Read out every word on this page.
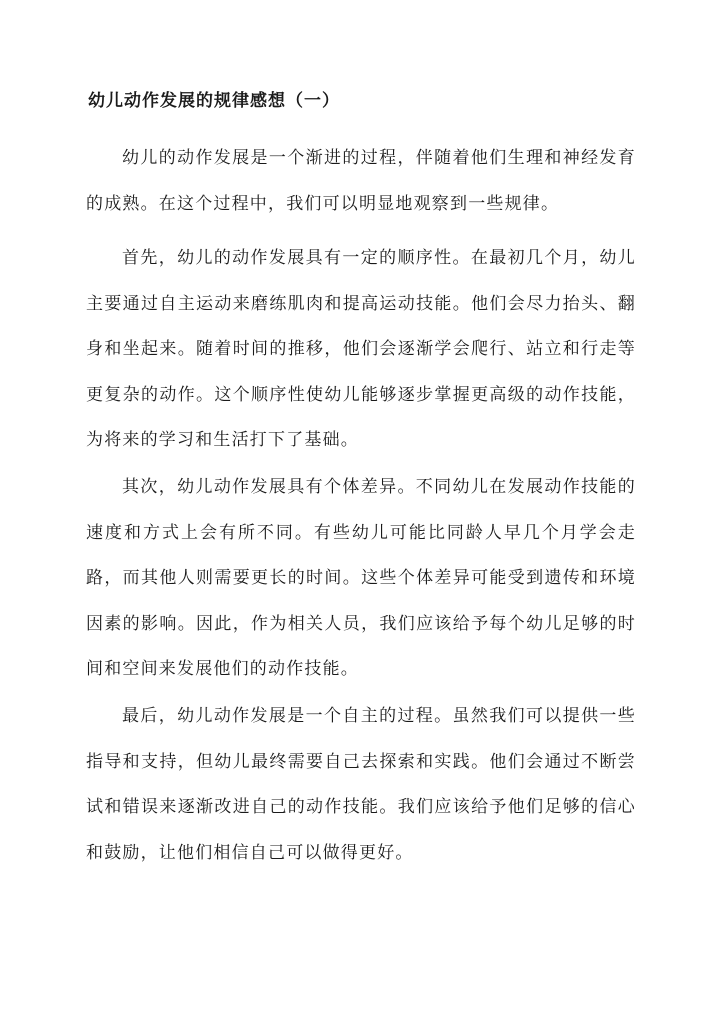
幼儿动作发展的规律感想（一）

幼儿的动作发展是一个渐进的过程，伴随着他们生理和神经发育的成熟。在这个过程中，我们可以明显地观察到一些规律。

首先，幼儿的动作发展具有一定的顺序性。在最初几个月，幼儿主要通过自主运动来磨练肌肉和提高运动技能。他们会尽力抬头、翻身和坐起来。随着时间的推移，他们会逐渐学会爬行、站立和行走等更复杂的动作。这个顺序性使幼儿能够逐步掌握更高级的动作技能，为将来的学习和生活打下了基础。

其次，幼儿动作发展具有个体差异。不同幼儿在发展动作技能的速度和方式上会有所不同。有些幼儿可能比同龄人早几个月学会走路，而其他人则需要更长的时间。这些个体差异可能受到遗传和环境因素的影响。因此，作为相关人员，我们应该给予每个幼儿足够的时间和空间来发展他们的动作技能。

最后，幼儿动作发展是一个自主的过程。虽然我们可以提供一些指导和支持，但幼儿最终需要自己去探索和实践。他们会通过不断尝试和错误来逐渐改进自己的动作技能。我们应该给予他们足够的信心和鼓励，让他们相信自己可以做得更好。
